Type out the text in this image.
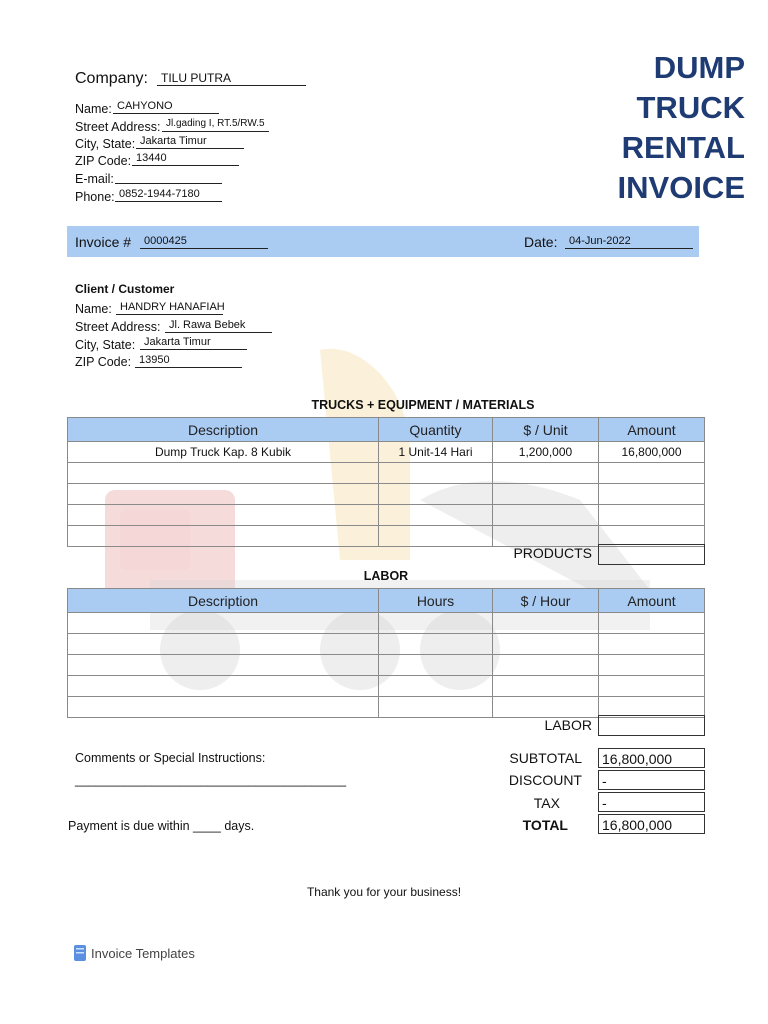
DUMP
TRUCK
RENTAL
INVOICE
Company:	TILU PUTRA
Name: CAHYONO
Street Address: Jl.gading I, RT.5/RW.5
City, State: Jakarta Timur
ZIP Code: 13440
E-mail:
Phone: 0852-1944-7180
Invoice #	0000425	Date:	04-Jun-2022
Client / Customer
Name: HANDRY HANAFIAH
Street Address: Jl. Rawa Bebek
City, State: Jakarta Timur
ZIP Code: 13950
TRUCKS + EQUIPMENT / MATERIALS
Description	Quantity	$ / Unit	Amount
Dump Truck Kap. 8 Kubik	1 Unit-14 Hari	1,200,000	16,800,000

PRODUCTS
LABOR
Description	Hours	$ / Hour	Amount

LABOR
Comments or Special Instructions:
_______________________________________
Payment is due within ____ days.
SUBTOTAL 16,800,000
DISCOUNT -
TAX	-
TOTAL 16,800,000
Thank you for your business!
Invoice Templates
